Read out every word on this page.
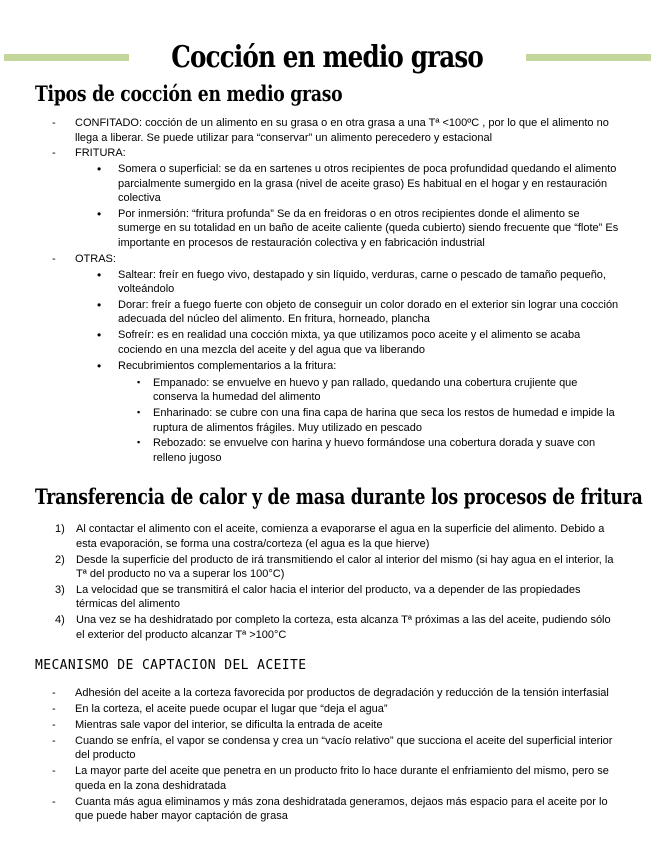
Cocción en medio graso
Tipos de cocción en medio graso
-	CONFITADO: cocción de un alimento en su grasa o en otra grasa a una Tª <100ºC , por lo que el alimento no llega a liberar. Se puede utilizar para “conservar” un alimento perecedero y estacional
-	FRITURA:
•	Somera o superficial: se da en sartenes u otros recipientes de poca profundidad quedando el alimento parcialmente sumergido en la grasa (nivel de aceite graso) Es habitual en el hogar y en restauración colectiva
•	Por inmersión: “fritura profunda” Se da en freidoras o en otros recipientes donde el alimento se sumerge en su totalidad en un baño de aceite caliente (queda cubierto) siendo frecuente que “flote” Es importante en procesos de restauración colectiva y en fabricación industrial
-	OTRAS:
•	Saltear: freír en fuego vivo, destapado y sin líquido, verduras, carne o pescado de tamaño pequeño, volteándolo
•	Dorar: freír a fuego fuerte con objeto de conseguir un color dorado en el exterior sin lograr una cocción adecuada del núcleo del alimento. En fritura, horneado, plancha
•	Sofreír: es en realidad una cocción mixta, ya que utilizamos poco aceite y el alimento se acaba cociendo en una mezcla del aceite y del agua que va liberando
•	Recubrimientos complementarios a la fritura:
▪	Empanado: se envuelve en huevo y pan rallado, quedando una cobertura crujiente que conserva la humedad del alimento
▪	Enharinado: se cubre con una fina capa de harina que seca los restos de humedad e impide la ruptura de alimentos frágiles. Muy utilizado en pescado
▪	Rebozado: se envuelve con harina y huevo formándose una cobertura dorada y suave con relleno jugoso
Transferencia de calor y de masa durante los procesos de fritura
1)	Al contactar el alimento con el aceite, comienza a evaporarse el agua en la superficie del alimento. Debido a esta evaporación, se forma una costra/corteza (el agua es la que hierve)
2)	Desde la superficie del producto de irá transmitiendo el calor al interior del mismo (si hay agua en el interior, la Tª del producto no va a superar los 100°C)
3)	La velocidad que se transmitirá el calor hacia el interior del producto, va a depender de las propiedades térmicas del alimento
4)	Una vez se ha deshidratado por completo la corteza, esta alcanza Tª próximas a las del aceite, pudiendo sólo el exterior del producto alcanzar Tª >100°C
MECANISMO DE CAPTACION DEL ACEITE
-	Adhesión del aceite a la corteza favorecida por productos de degradación y reducción de la tensión interfasial
-	En la corteza, el aceite puede ocupar el lugar que “deja el agua”
-	Mientras sale vapor del interior, se dificulta la entrada de aceite
-	Cuando se enfría, el vapor se condensa y crea un “vacío relativo” que succiona el aceite del superficial interior del producto
-	La mayor parte del aceite que penetra en un producto frito lo hace durante el enfriamiento del mismo, pero se queda en la zona deshidratada
-	Cuanta más agua eliminamos y más zona deshidratada generamos, dejaos más espacio para el aceite por lo que puede haber mayor captación de grasa
